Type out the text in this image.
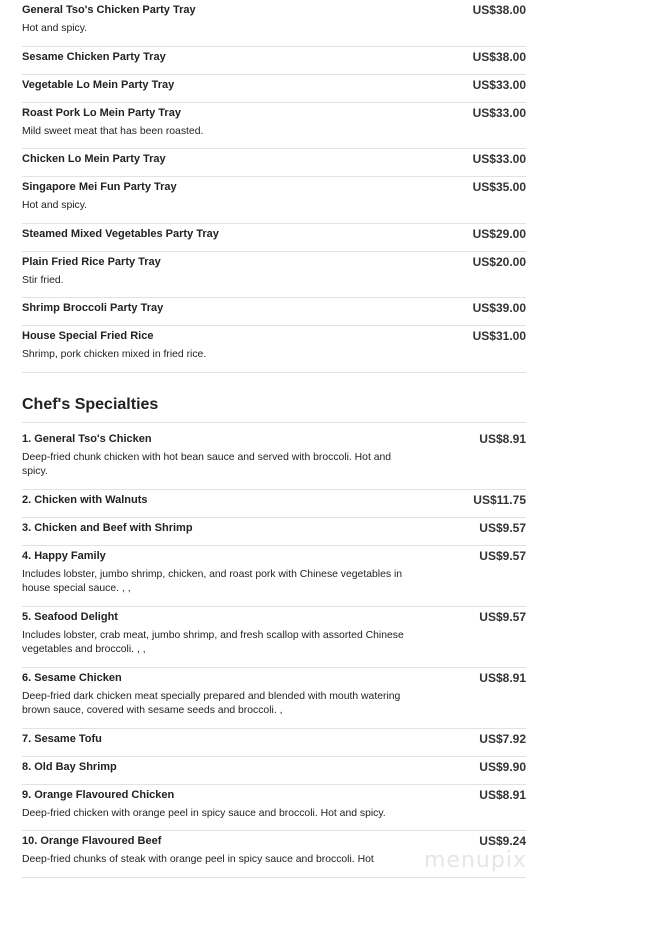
General Tso's Chicken Party Tray	US$38.00
Hot and spicy.
Sesame Chicken Party Tray	US$38.00
Vegetable Lo Mein Party Tray	US$33.00
Roast Pork Lo Mein Party Tray	US$33.00
Mild sweet meat that has been roasted.
Chicken Lo Mein Party Tray	US$33.00
Singapore Mei Fun Party Tray	US$35.00
Hot and spicy.
Steamed Mixed Vegetables Party Tray	US$29.00
Plain Fried Rice Party Tray	US$20.00
Stir fried.
Shrimp Broccoli Party Tray	US$39.00
House Special Fried Rice	US$31.00
Shrimp, pork chicken mixed in fried rice.
Chef's Specialties
1. General Tso's Chicken	US$8.91
Deep-fried chunk chicken with hot bean sauce and served with broccoli. Hot and spicy.
2. Chicken with Walnuts	US$11.75
3. Chicken and Beef with Shrimp	US$9.57
4. Happy Family	US$9.57
Includes lobster, jumbo shrimp, chicken, and roast pork with Chinese vegetables in house special sauce. , ,
5. Seafood Delight	US$9.57
Includes lobster, crab meat, jumbo shrimp, and fresh scallop with assorted Chinese vegetables and broccoli. , ,
6. Sesame Chicken	US$8.91
Deep-fried dark chicken meat specially prepared and blended with mouth watering brown sauce, covered with sesame seeds and broccoli. ,
7. Sesame Tofu	US$7.92
8. Old Bay Shrimp	US$9.90
9. Orange Flavoured Chicken	US$8.91
Deep-fried chicken with orange peel in spicy sauce and broccoli. Hot and spicy.
10. Orange Flavoured Beef	US$9.24
Deep-fried chunks of steak with orange peel in spicy sauce and broccoli. Hot	menupix
